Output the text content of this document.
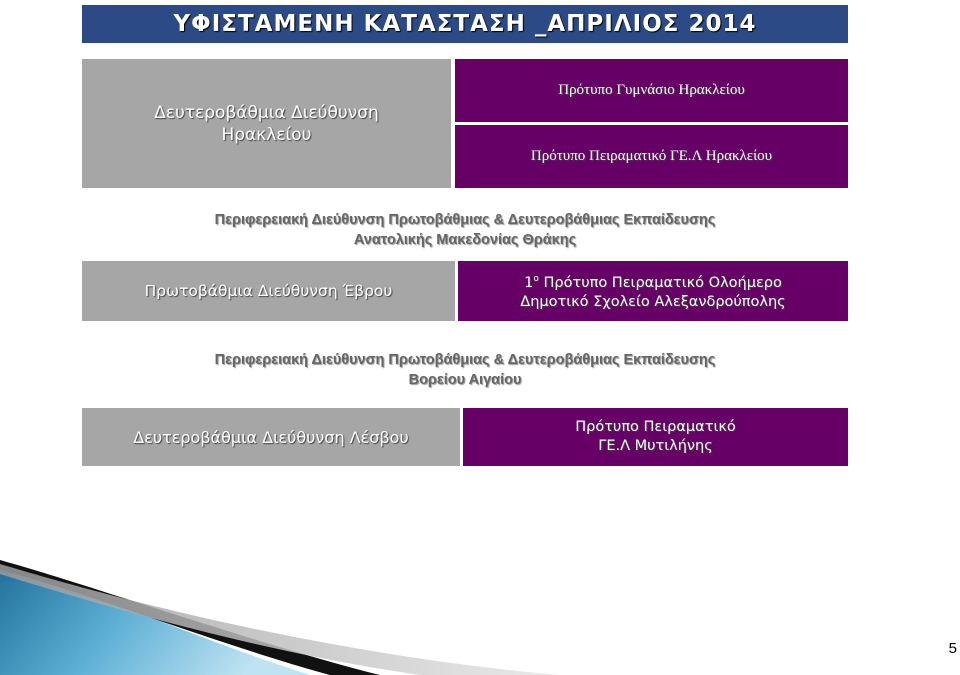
ΥΦΙΣΤΑΜΕΝΗ ΚΑΤΑΣΤΑΣΗ _ΑΠΡΙΛΙΟΣ 2014
Δευτεροβάθμια Διεύθυνση Ηρακλείου
Πρότυπο Γυμνάσιο Ηρακλείου
Πρότυπο Πειραματικό ΓΕ.Λ Ηρακλείου
Περιφερειακή Διεύθυνση Πρωτοβάθμιας & Δευτεροβάθμιας Εκπαίδευσης
Ανατολικής Μακεδονίας Θράκης
Πρωτοβάθμια Διεύθυνση Έβρου	$1^o$ Πρότυπο Πειραματικό Ολοήμερο
Δημοτικό Σχολείο Αλεξανδρούπολης
Περιφερειακή Διεύθυνση Πρωτοβάθμιας & Δευτεροβάθμιας Εκπαίδευσης
Βορείου Αιγαίου
Δευτεροβάθμια Διεύθυνση Λέσβου
Πρότυπο Πειραματικό
ΓΕ.Λ Μυτιλήνης
5
